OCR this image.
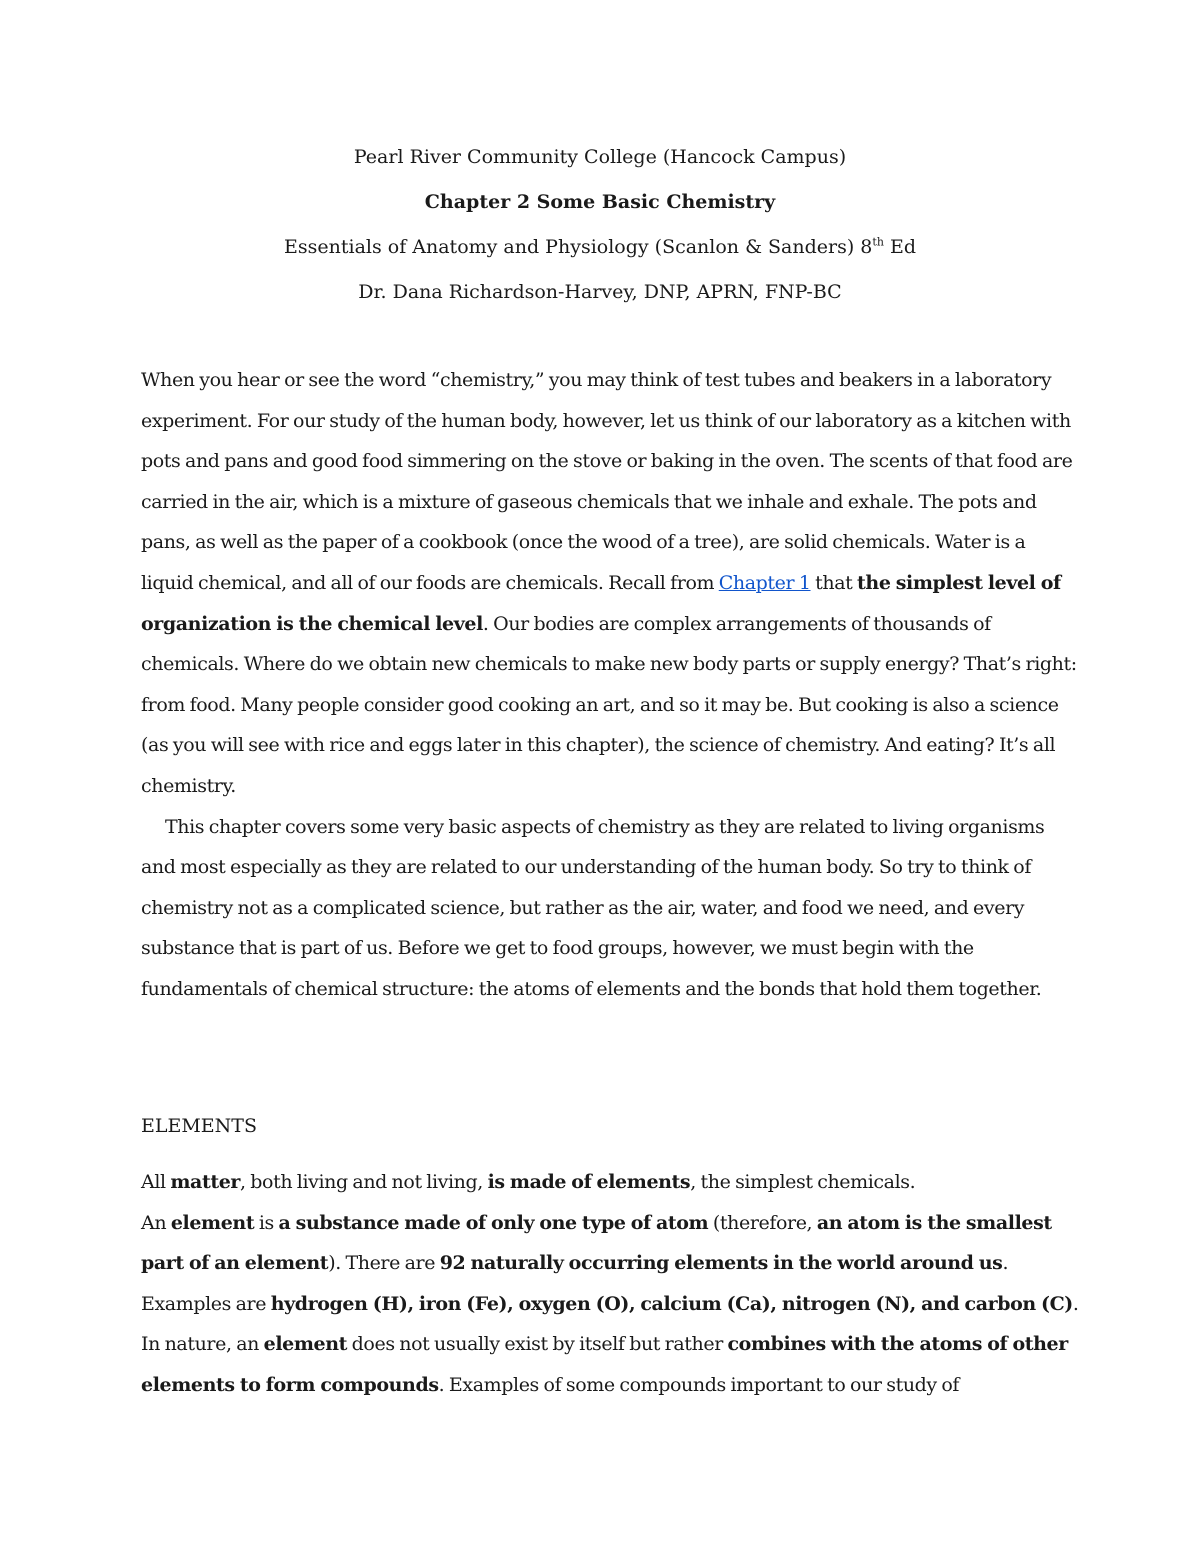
Pearl River Community College (Hancock Campus)

Chapter 2 Some Basic Chemistry

Essentials of Anatomy and Physiology (Scanlon & Sanders) 8th Ed

Dr. Dana Richardson-Harvey, DNP, APRN, FNP-BC

When you hear or see the word “chemistry,” you may think of test tubes and beakers in a laboratory experiment. For our study of the human body, however, let us think of our laboratory as a kitchen with pots and pans and good food simmering on the stove or baking in the oven. The scents of that food are carried in the air, which is a mixture of gaseous chemicals that we inhale and exhale. The pots and pans, as well as the paper of a cookbook (once the wood of a tree), are solid chemicals. Water is a liquid chemical, and all of our foods are chemicals. Recall from Chapter 1 that the simplest level of organization is the chemical level. Our bodies are complex arrangements of thousands of chemicals. Where do we obtain new chemicals to make new body parts or supply energy? That’s right: from food. Many people consider good cooking an art, and so it may be. But cooking is also a science (as you will see with rice and eggs later in this chapter), the science of chemistry. And eating? It’s all chemistry.

This chapter covers some very basic aspects of chemistry as they are related to living organisms and most especially as they are related to our understanding of the human body. So try to think of chemistry not as a complicated science, but rather as the air, water, and food we need, and every substance that is part of us. Before we get to food groups, however, we must begin with the fundamentals of chemical structure: the atoms of elements and the bonds that hold them together.

ELEMENTS

All matter, both living and not living, is made of elements, the simplest chemicals.

An element is a substance made of only one type of atom (therefore, an atom is the smallest part of an element). There are 92 naturally occurring elements in the world around us. Examples are hydrogen (H), iron (Fe), oxygen (O), calcium (Ca), nitrogen (N), and carbon (C). In nature, an element does not usually exist by itself but rather combines with the atoms of other elements to form compounds. Examples of some compounds important to our study of
